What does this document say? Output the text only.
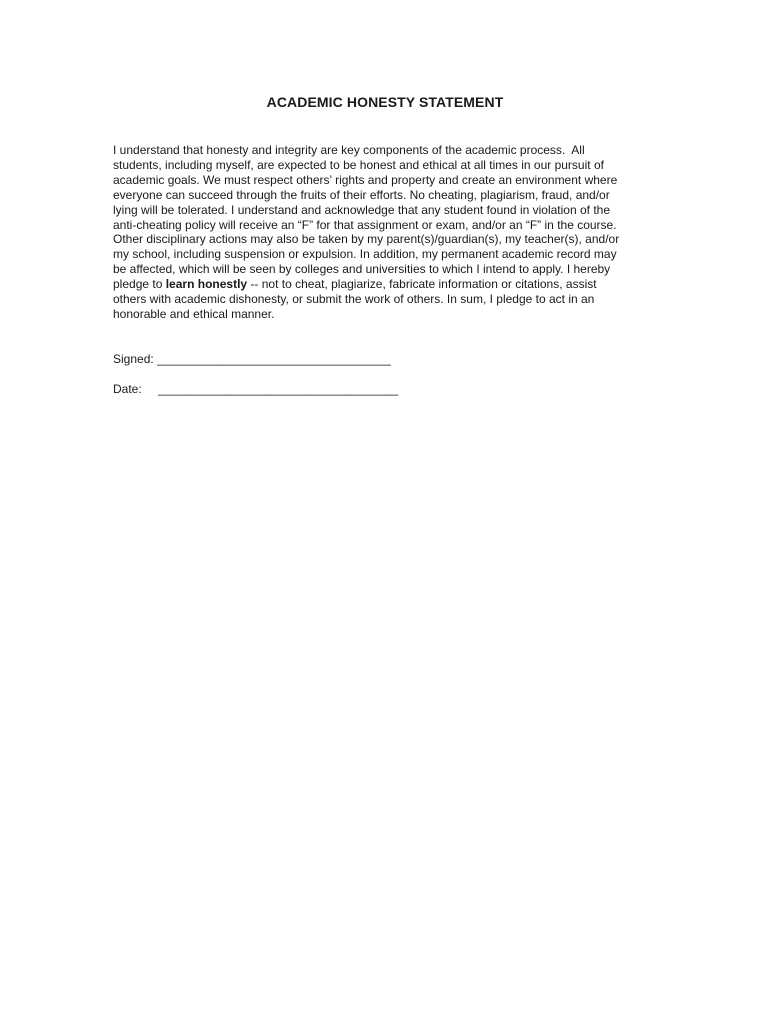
ACADEMIC HONESTY STATEMENT

I understand that honesty and integrity are key components of the academic process.  All
students, including myself, are expected to be honest and ethical at all times in our pursuit of
academic goals. We must respect others’ rights and property and create an environment where
everyone can succeed through the fruits of their efforts. No cheating, plagiarism, fraud, and/or
lying will be tolerated. I understand and acknowledge that any student found in violation of the
anti-cheating policy will receive an “F” for that assignment or exam, and/or an “F” in the course.
Other disciplinary actions may also be taken by my parent(s)/guardian(s), my teacher(s), and/or
my school, including suspension or expulsion. In addition, my permanent academic record may
be affected, which will be seen by colleges and universities to which I intend to apply. I hereby
pledge to learn honestly -- not to cheat, plagiarize, fabricate information or citations, assist
others with academic dishonesty, or submit the work of others. In sum, I pledge to act in an
honorable and ethical manner.

Signed: ___________________________________
Date: ____________________________________
